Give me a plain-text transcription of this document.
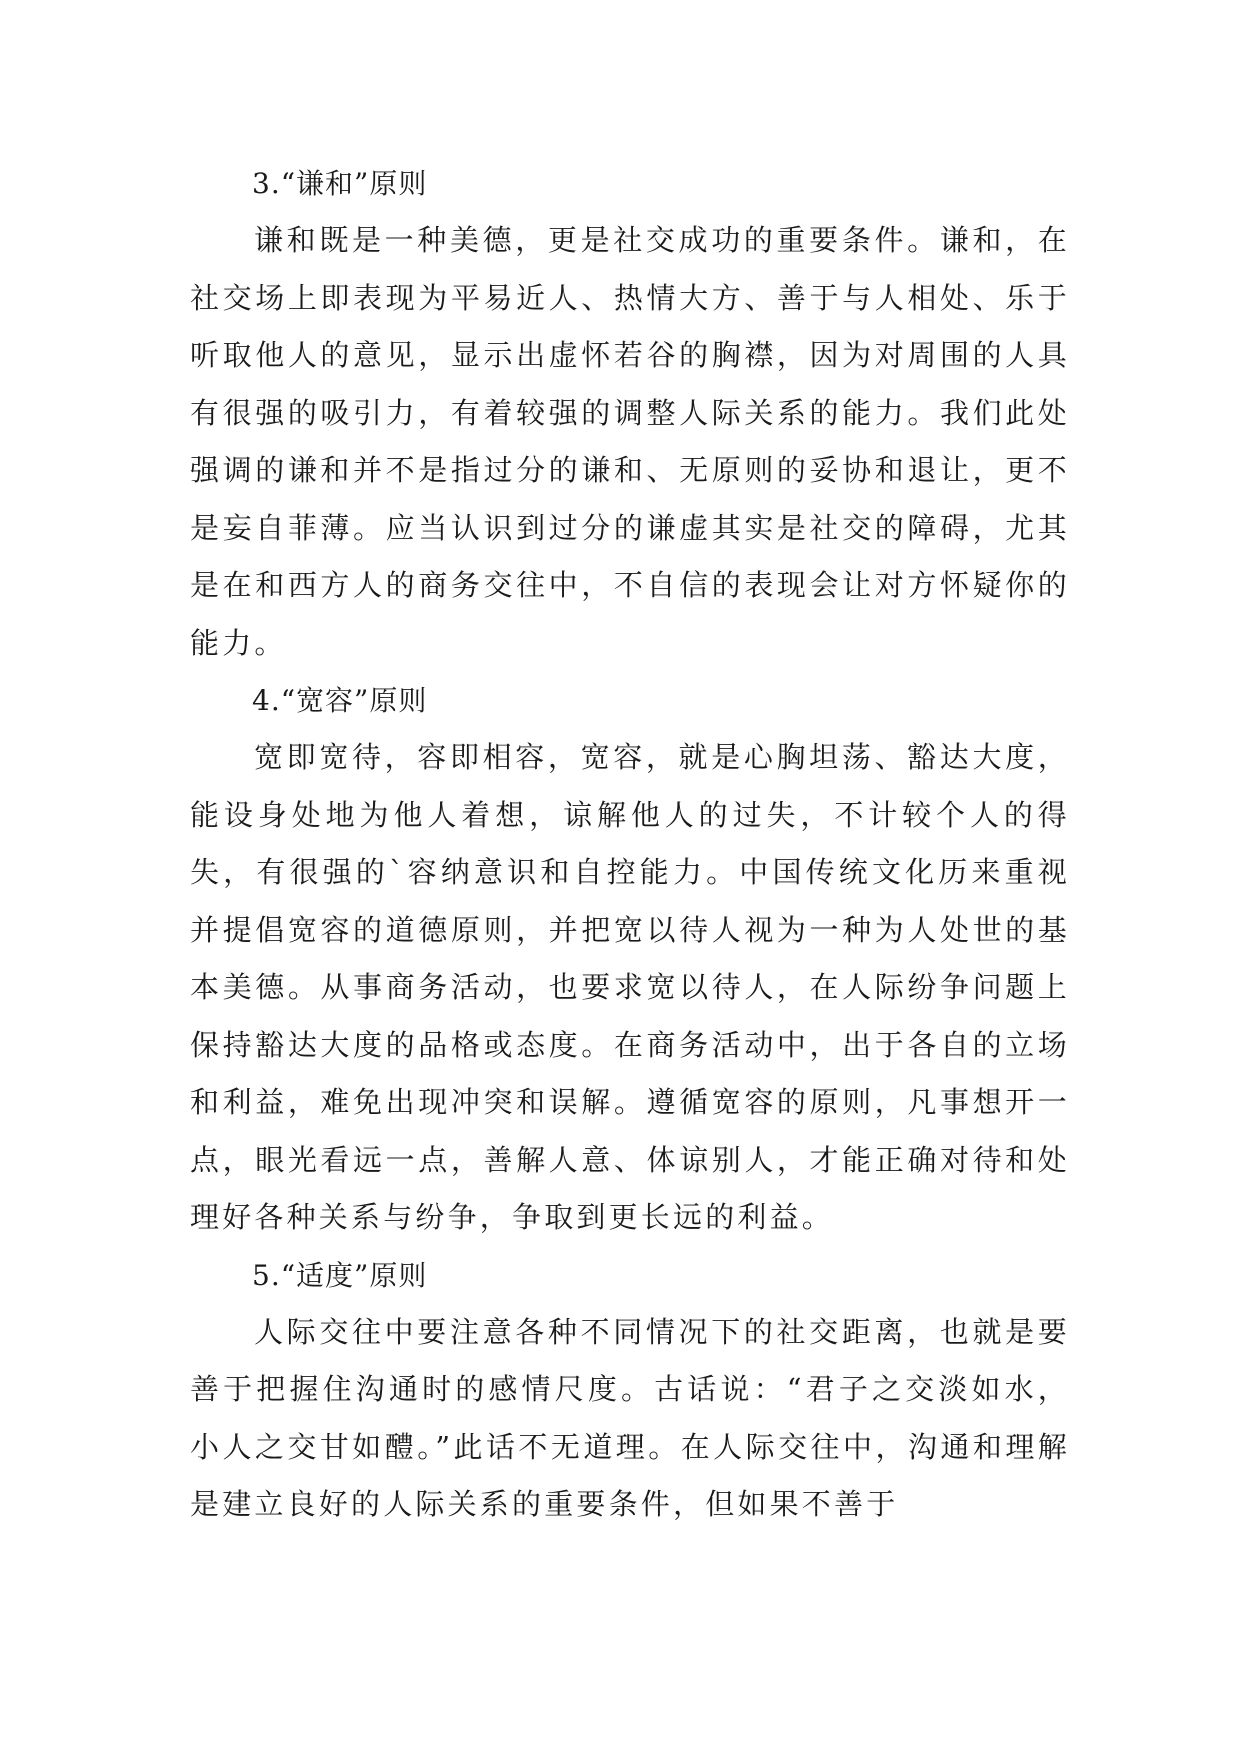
3.“谦和”原则

谦和既是一种美德，更是社交成功的重要条件。谦和，在社交场上即表现为平易近人、热情大方、善于与人相处、乐于听取他人的意见，显示出虚怀若谷的胸襟，因为对周围的人具有很强的吸引力，有着较强的调整人际关系的能力。我们此处强调的谦和并不是指过分的谦和、无原则的妥协和退让，更不是妄自菲薄。应当认识到过分的谦虚其实是社交的障碍，尤其是在和西方人的商务交往中，不自信的表现会让对方怀疑你的能力。

4.“宽容”原则

宽即宽待，容即相容，宽容，就是心胸坦荡、豁达大度，能设身处地为他人着想，谅解他人的过失，不计较个人的得失，有很强的`容纳意识和自控能力。中国传统文化历来重视并提倡宽容的道德原则，并把宽以待人视为一种为人处世的基本美德。从事商务活动，也要求宽以待人，在人际纷争问题上保持豁达大度的品格或态度。在商务活动中，出于各自的立场和利益，难免出现冲突和误解。遵循宽容的原则，凡事想开一点，眼光看远一点，善解人意、体谅别人，才能正确对待和处理好各种关系与纷争，争取到更长远的利益。

5.“适度”原则

人际交往中要注意各种不同情况下的社交距离，也就是要善于把握住沟通时的感情尺度。古话说：“君子之交淡如水，小人之交甘如醴。”此话不无道理。在人际交往中，沟通和理解是建立良好的人际关系的重要条件，但如果不善于
